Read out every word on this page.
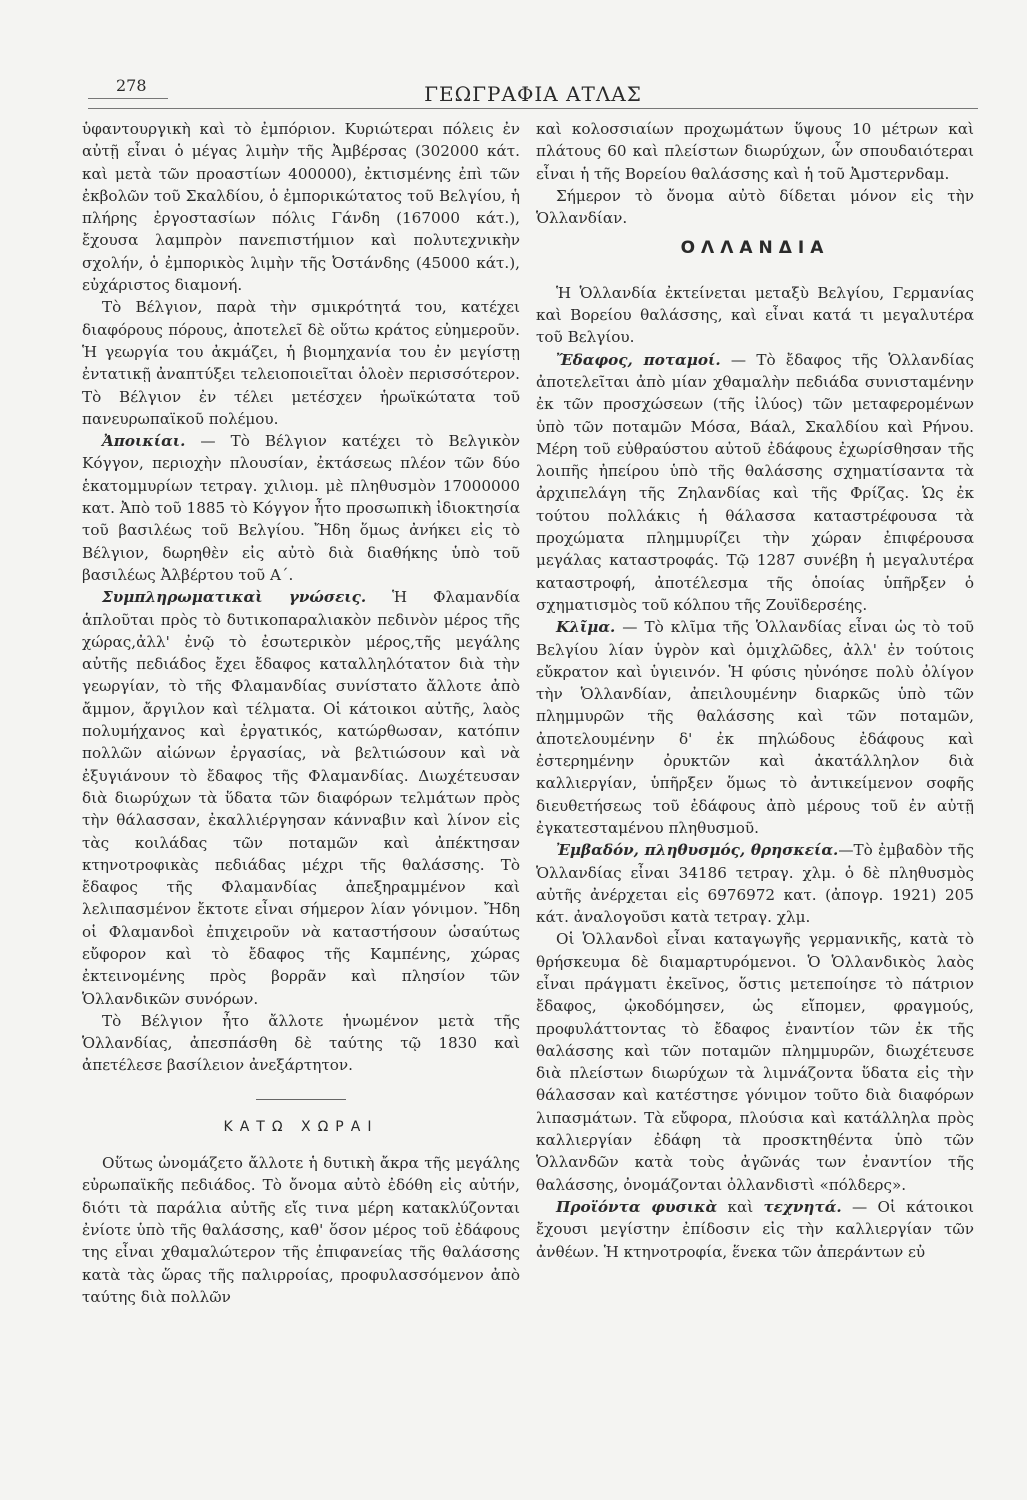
278	ΓΕΩΓΡΑΦΙΑ ΑΤΛΑΣ

ὑφαντουργικὴ καὶ τὸ ἐμπόριον. Κυριώτεραι πόλεις ἐν αὐτῇ εἶναι ὁ μέγας λιμὴν τῆς Ἀμβέρσας (302000 κάτ. καὶ μετὰ τῶν προαστίων 400000), ἐκτισμένης ἐπὶ τῶν ἐκβολῶν τοῦ Σκαλδίου, ὁ ἐμπορικώτατος τοῦ Βελγίου, ἡ πλήρης ἐργοστασίων πόλις Γάνδη (167000 κάτ.), ἔχουσα λαμπρὸν πανεπιστήμιον καὶ πολυτεχνικὴν σχολήν, ὁ ἐμπορικὸς λιμὴν τῆς Ὀστάνδης (45000 κάτ.), εὐχάριστος διαμονή.

Τὸ Βέλγιον, παρὰ τὴν σμικρότητά του, κατέχει διαφόρους πόρους, ἀποτελεῖ δὲ οὕτω κράτος εὐημεροῦν. Ἡ γεωργία του ἀκμάζει, ἡ βιομηχανία του ἐν μεγίστῃ ἐντατικῇ ἀναπτύξει τελειοποιεῖται ὁλοὲν περισσότερον. Τὸ Βέλγιον ἐν τέλει μετέσχεν ἡρωϊκώτατα τοῦ πανευρωπαϊκοῦ πολέμου.

Ἀποικίαι. — Τὸ Βέλγιον κατέχει τὸ Βελγικὸν Κόγγον, περιοχὴν πλουσίαν, ἐκτάσεως πλέον τῶν δύο ἑκατομμυρίων τετραγ. χιλιομ. μὲ πληθυσμὸν 17000000 κατ. Ἀπὸ τοῦ 1885 τὸ Κόγγον ἦτο προσωπικὴ ἰδιοκτησία τοῦ βασιλέως τοῦ Βελγίου. Ἤδη ὅμως ἀνήκει εἰς τὸ Βέλγιον, δωρηθὲν εἰς αὐτὸ διὰ διαθήκης ὑπὸ τοῦ βασιλέως Ἀλβέρτου τοῦ Α΄.

Συμπληρωματικαὶ γνώσεις. Ἡ Φλαμανδία ἁπλοῦται πρὸς τὸ δυτικοπαραλιακὸν πεδινὸν μέρος τῆς χώρας,ἀλλ' ἐνῷ τὸ ἐσωτερικὸν μέρος,τῆς μεγάλης αὐτῆς πεδιάδος ἔχει ἔδαφος καταλληλότατον διὰ τὴν γεωργίαν, τὸ τῆς Φλαμανδίας συνίστατο ἄλλοτε ἀπὸ ἄμμον, ἄργιλον καὶ τέλματα. Οἱ κάτοικοι αὐτῆς, λαὸς πολυμήχανος καὶ ἐργατικός, κατώρθωσαν, κατόπιν πολλῶν αἰώνων ἐργασίας, νὰ βελτιώσουν καὶ νὰ ἐξυγιάνουν τὸ ἔδαφος τῆς Φλαμανδίας. Διωχέτευσαν διὰ διωρύχων τὰ ὕδατα τῶν διαφόρων τελμάτων πρὸς τὴν θάλασσαν, ἐκαλλιέργησαν κάνναβιν καὶ λίνον εἰς τὰς κοιλάδας τῶν ποταμῶν καὶ ἀπέκτησαν κτηνοτροφικὰς πεδιάδας μέχρι τῆς θαλάσσης. Τὸ ἔδαφος τῆς Φλαμανδίας ἀπεξηραμμένον καὶ λελιπασμένον ἔκτοτε εἶναι σήμερον λίαν γόνιμον. Ἤδη οἱ Φλαμανδοὶ ἐπιχειροῦν νὰ καταστήσουν ὡσαύτως εὔφορον καὶ τὸ ἔδαφος τῆς Καμπένης, χώρας ἐκτεινομένης πρὸς βορρᾶν καὶ πλησίον τῶν Ὁλλανδικῶν συνόρων.

Τὸ Βέλγιον ἦτο ἄλλοτε ἡνωμένον μετὰ τῆς Ὁλλανδίας, ἀπεσπάσθη δὲ ταύτης τῷ 1830 καὶ ἀπετέλεσε βασίλειον ἀνεξάρτητον.

ΚΑΤΩ ΧΩΡΑΙ

Οὕτως ὠνομάζετο ἄλλοτε ἡ δυτικὴ ἄκρα τῆς μεγάλης εὐρωπαϊκῆς πεδιάδος. Τὸ ὄνομα αὐτὸ ἐδόθη εἰς αὐτήν, διότι τὰ παράλια αὐτῆς εἴς τινα μέρη κατακλύζονται ἐνίοτε ὑπὸ τῆς θαλάσσης, καθ' ὅσον μέρος τοῦ ἐδάφους της εἶναι χθαμαλώτερον τῆς ἐπιφανείας τῆς θαλάσσης κατὰ τὰς ὥρας τῆς παλιρροίας, προφυλασσόμενον ἀπὸ ταύτης διὰ πολλῶν

καὶ κολοσσιαίων προχωμάτων ὕψους 10 μέτρων καὶ πλάτους 60 καὶ πλείστων διωρύχων, ὧν σπουδαιότεραι εἶναι ἡ τῆς Βορείου θαλάσσης καὶ ἡ τοῦ Ἀμστερνδαμ.

Σήμερον τὸ ὄνομα αὐτὸ δίδεται μόνον εἰς τὴν Ὁλλανδίαν.

ΟΛΛΑΝΔΙΑ

Ἡ Ὁλλανδία ἐκτείνεται μεταξὺ Βελγίου, Γερμανίας καὶ Βορείου θαλάσσης, καὶ εἶναι κατά τι μεγαλυτέρα τοῦ Βελγίου.

Ἔδαφος, ποταμοί. — Τὸ ἔδαφος τῆς Ὁλλανδίας ἀποτελεῖται ἀπὸ μίαν χθαμαλὴν πεδιάδα συνισταμένην ἐκ τῶν προσχώσεων (τῆς ἰλύος) τῶν μεταφερομένων ὑπὸ τῶν ποταμῶν Μόσα, Βάαλ, Σκαλδίου καὶ Ρήνου. Μέρη τοῦ εὐθραύστου αὐτοῦ ἐδάφους ἐχωρίσθησαν τῆς λοιπῆς ἠπείρου ὑπὸ τῆς θαλάσσης σχηματίσαντα τὰ ἀρχιπελάγη τῆς Ζηλανδίας καὶ τῆς Φρίζας. Ὡς ἐκ τούτου πολλάκις ἡ θάλασσα καταστρέφουσα τὰ προχώματα πλημμυρίζει τὴν χώραν ἐπιφέρουσα μεγάλας καταστροφάς. Τῷ 1287 συνέβη ἡ μεγαλυτέρα καταστροφή, ἀποτέλεσμα τῆς ὁποίας ὑπῆρξεν ὁ σχηματισμὸς τοῦ κόλπου τῆς Ζουϊδερσέης.

Κλῖμα. — Τὸ κλῖμα τῆς Ὁλλανδίας εἶναι ὡς τὸ τοῦ Βελγίου λίαν ὑγρὸν καὶ ὁμιχλῶδες, ἀλλ' ἐν τούτοις εὔκρατον καὶ ὑγιεινόν. Ἡ φύσις ηὐνόησε πολὺ ὀλίγον τὴν Ὁλλανδίαν, ἀπειλουμένην διαρκῶς ὑπὸ τῶν πλημμυρῶν τῆς θαλάσσης καὶ τῶν ποταμῶν, ἀποτελουμένην δ' ἐκ πηλώδους ἐδάφους καὶ ἐστερημένην ὀρυκτῶν καὶ ἀκατάλληλον διὰ καλλιεργίαν, ὑπῆρξεν ὅμως τὸ ἀντικείμενον σοφῆς διευθετήσεως τοῦ ἐδάφους ἀπὸ μέρους τοῦ ἐν αὐτῇ ἐγκατεσταμένου πληθυσμοῦ.

Ἐμβαδόν, πληθυσμός, θρησκεία.—Τὸ ἐμβαδὸν τῆς Ὁλλανδίας εἶναι 34186 τετραγ. χλμ. ὁ δὲ πληθυσμὸς αὐτῆς ἀνέρχεται εἰς 6976972 κατ. (ἀπογρ. 1921) 205 κάτ. ἀναλογοῦσι κατὰ τετραγ. χλμ.

Οἱ Ὁλλανδοὶ εἶναι καταγωγῆς γερμανικῆς, κατὰ τὸ θρήσκευμα δὲ διαμαρτυρόμενοι. Ὁ Ὁλλανδικὸς λαὸς εἶναι πράγματι ἐκεῖνος, ὅστις μετεποίησε τὸ πάτριον ἔδαφος, ᾠκοδόμησεν, ὡς εἴπομεν, φραγμούς, προφυλάττοντας τὸ ἔδαφος ἐναντίον τῶν ἐκ τῆς θαλάσσης καὶ τῶν ποταμῶν πλημμυρῶν, διωχέτευσε διὰ πλείστων διωρύχων τὰ λιμνάζοντα ὕδατα εἰς τὴν θάλασσαν καὶ κατέστησε γόνιμον τοῦτο διὰ διαφόρων λιπασμάτων. Τὰ εὔφορα, πλούσια καὶ κατάλληλα πρὸς καλλιεργίαν ἐδάφη τὰ προσκτηθέντα ὑπὸ τῶν Ὁλλανδῶν κατὰ τοὺς ἀγῶνάς των ἐναντίον τῆς θαλάσσης, ὀνομάζονται ὀλλανδιστὶ «πόλδερς».

Προϊόντα φυσικὰ καὶ τεχνητά. — Οἱ κάτοικοι ἔχουσι μεγίστην ἐπίδοσιν εἰς τὴν καλλιεργίαν τῶν ἀνθέων. Ἡ κτηνοτροφία, ἕνεκα τῶν ἀπεράντων εὐ
